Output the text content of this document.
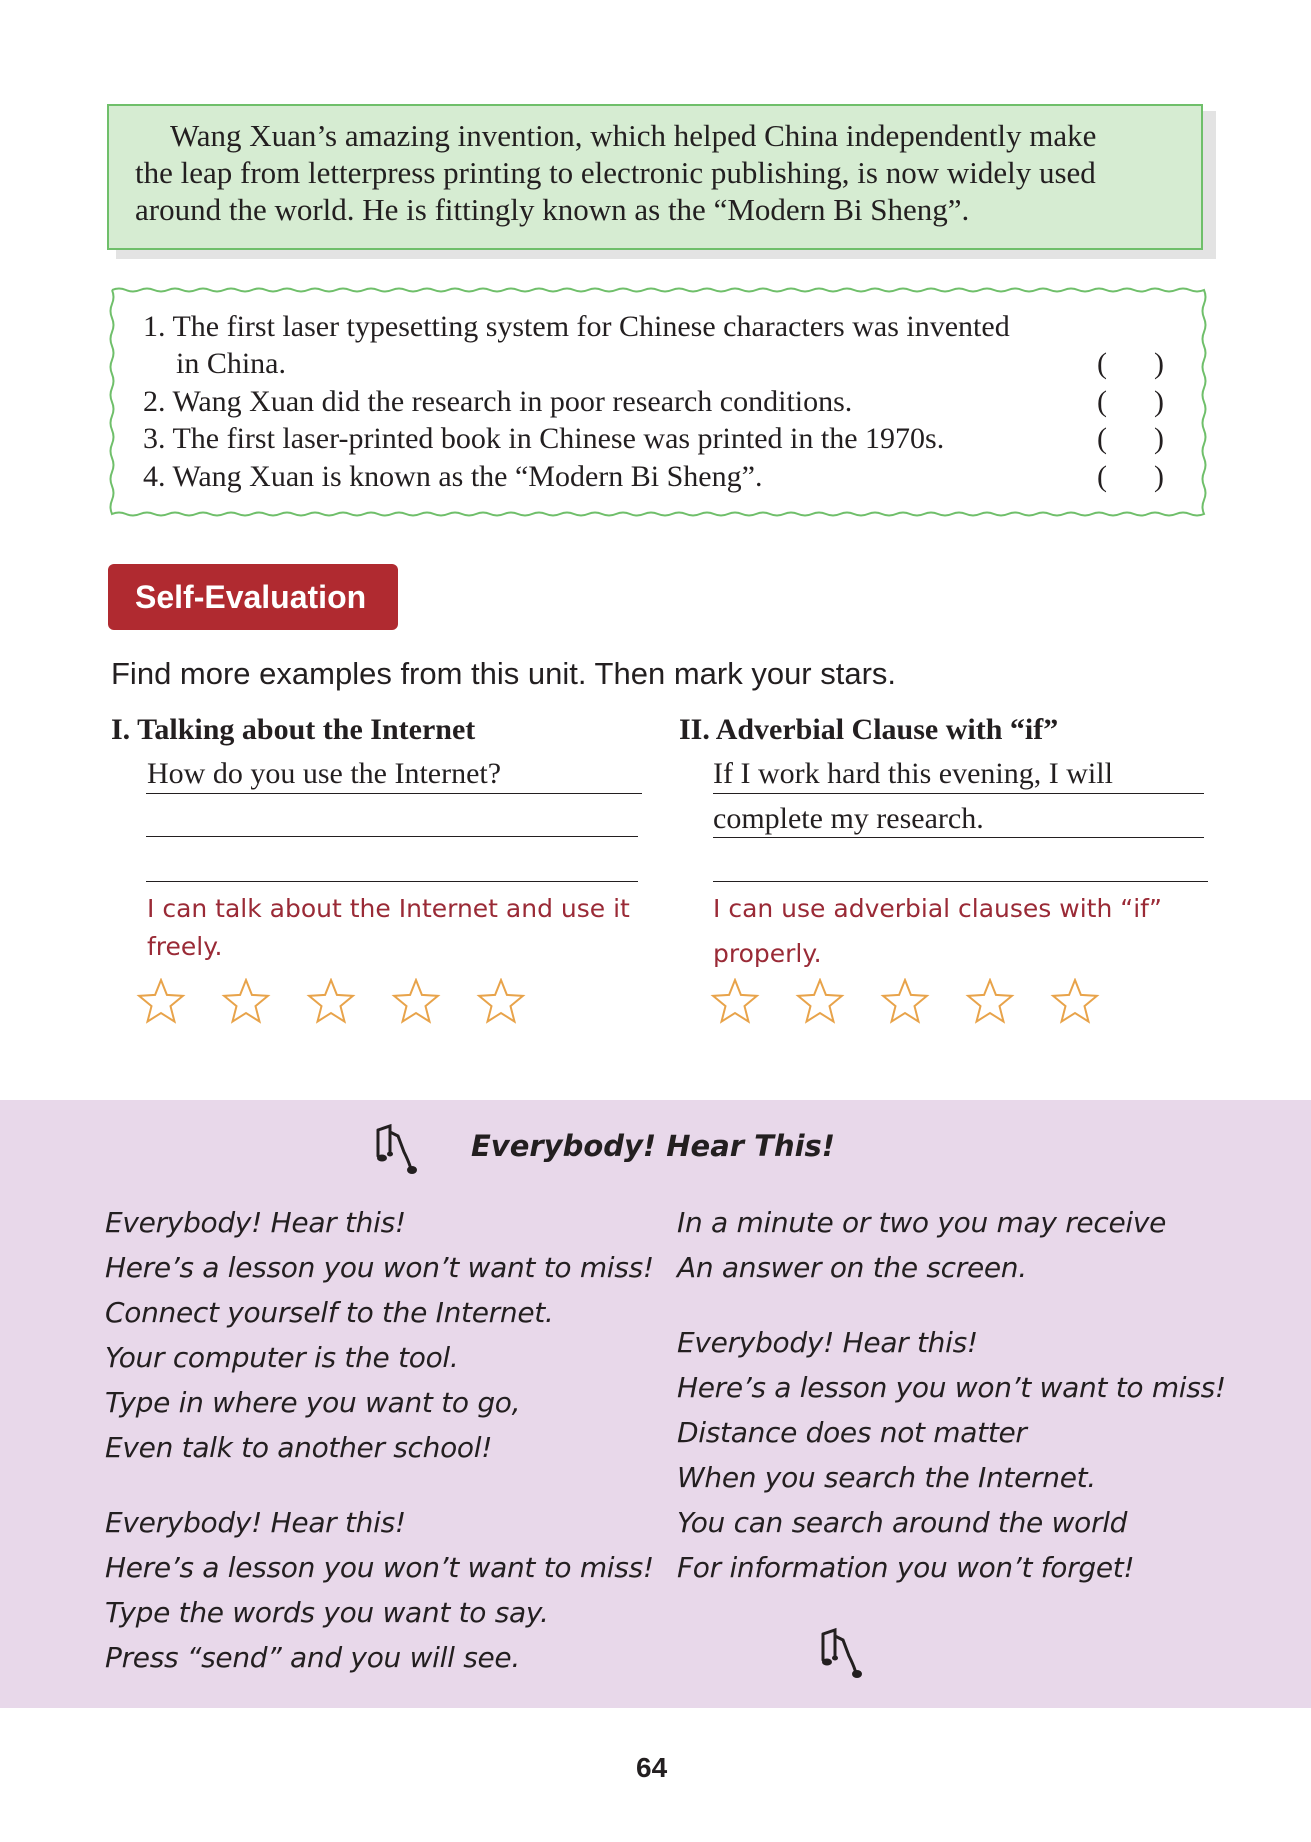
Wang Xuan’s amazing invention, which helped China independently make
the leap from letterpress printing to electronic publishing, is now widely used
around the world. He is fittingly known as the “Modern Bi Sheng”.
1. The first laser typesetting system for Chinese characters was invented
in China.
2. Wang Xuan did the research in poor research conditions.
3. The first laser-printed book in Chinese was printed in the 1970s.
4. Wang Xuan is known as the “Modern Bi Sheng”.
( )
( )
( )
( )
Self-Evaluation
Find more examples from this unit. Then mark your stars.
I. Talking about the Internet
How do you use the Internet?
I can talk about the Internet and use it
freely.
II. Adverbial Clause with “if”
If I work hard this evening, I will
complete my research.
I can use adverbial clauses with “if”
properly.
Everybody! Hear This!
Everybody! Hear this!
Here’s a lesson you won’t want to miss!
Connect yourself to the Internet.
Your computer is the tool.
Type in where you want to go,
Even talk to another school!
Everybody! Hear this!
Here’s a lesson you won’t want to miss!
Type the words you want to say.
Press “send” and you will see.
In a minute or two you may receive
An answer on the screen.
Everybody! Hear this!
Here’s a lesson you won’t want to miss!
Distance does not matter
When you search the Internet.
You can search around the world
For information you won’t forget!
64
